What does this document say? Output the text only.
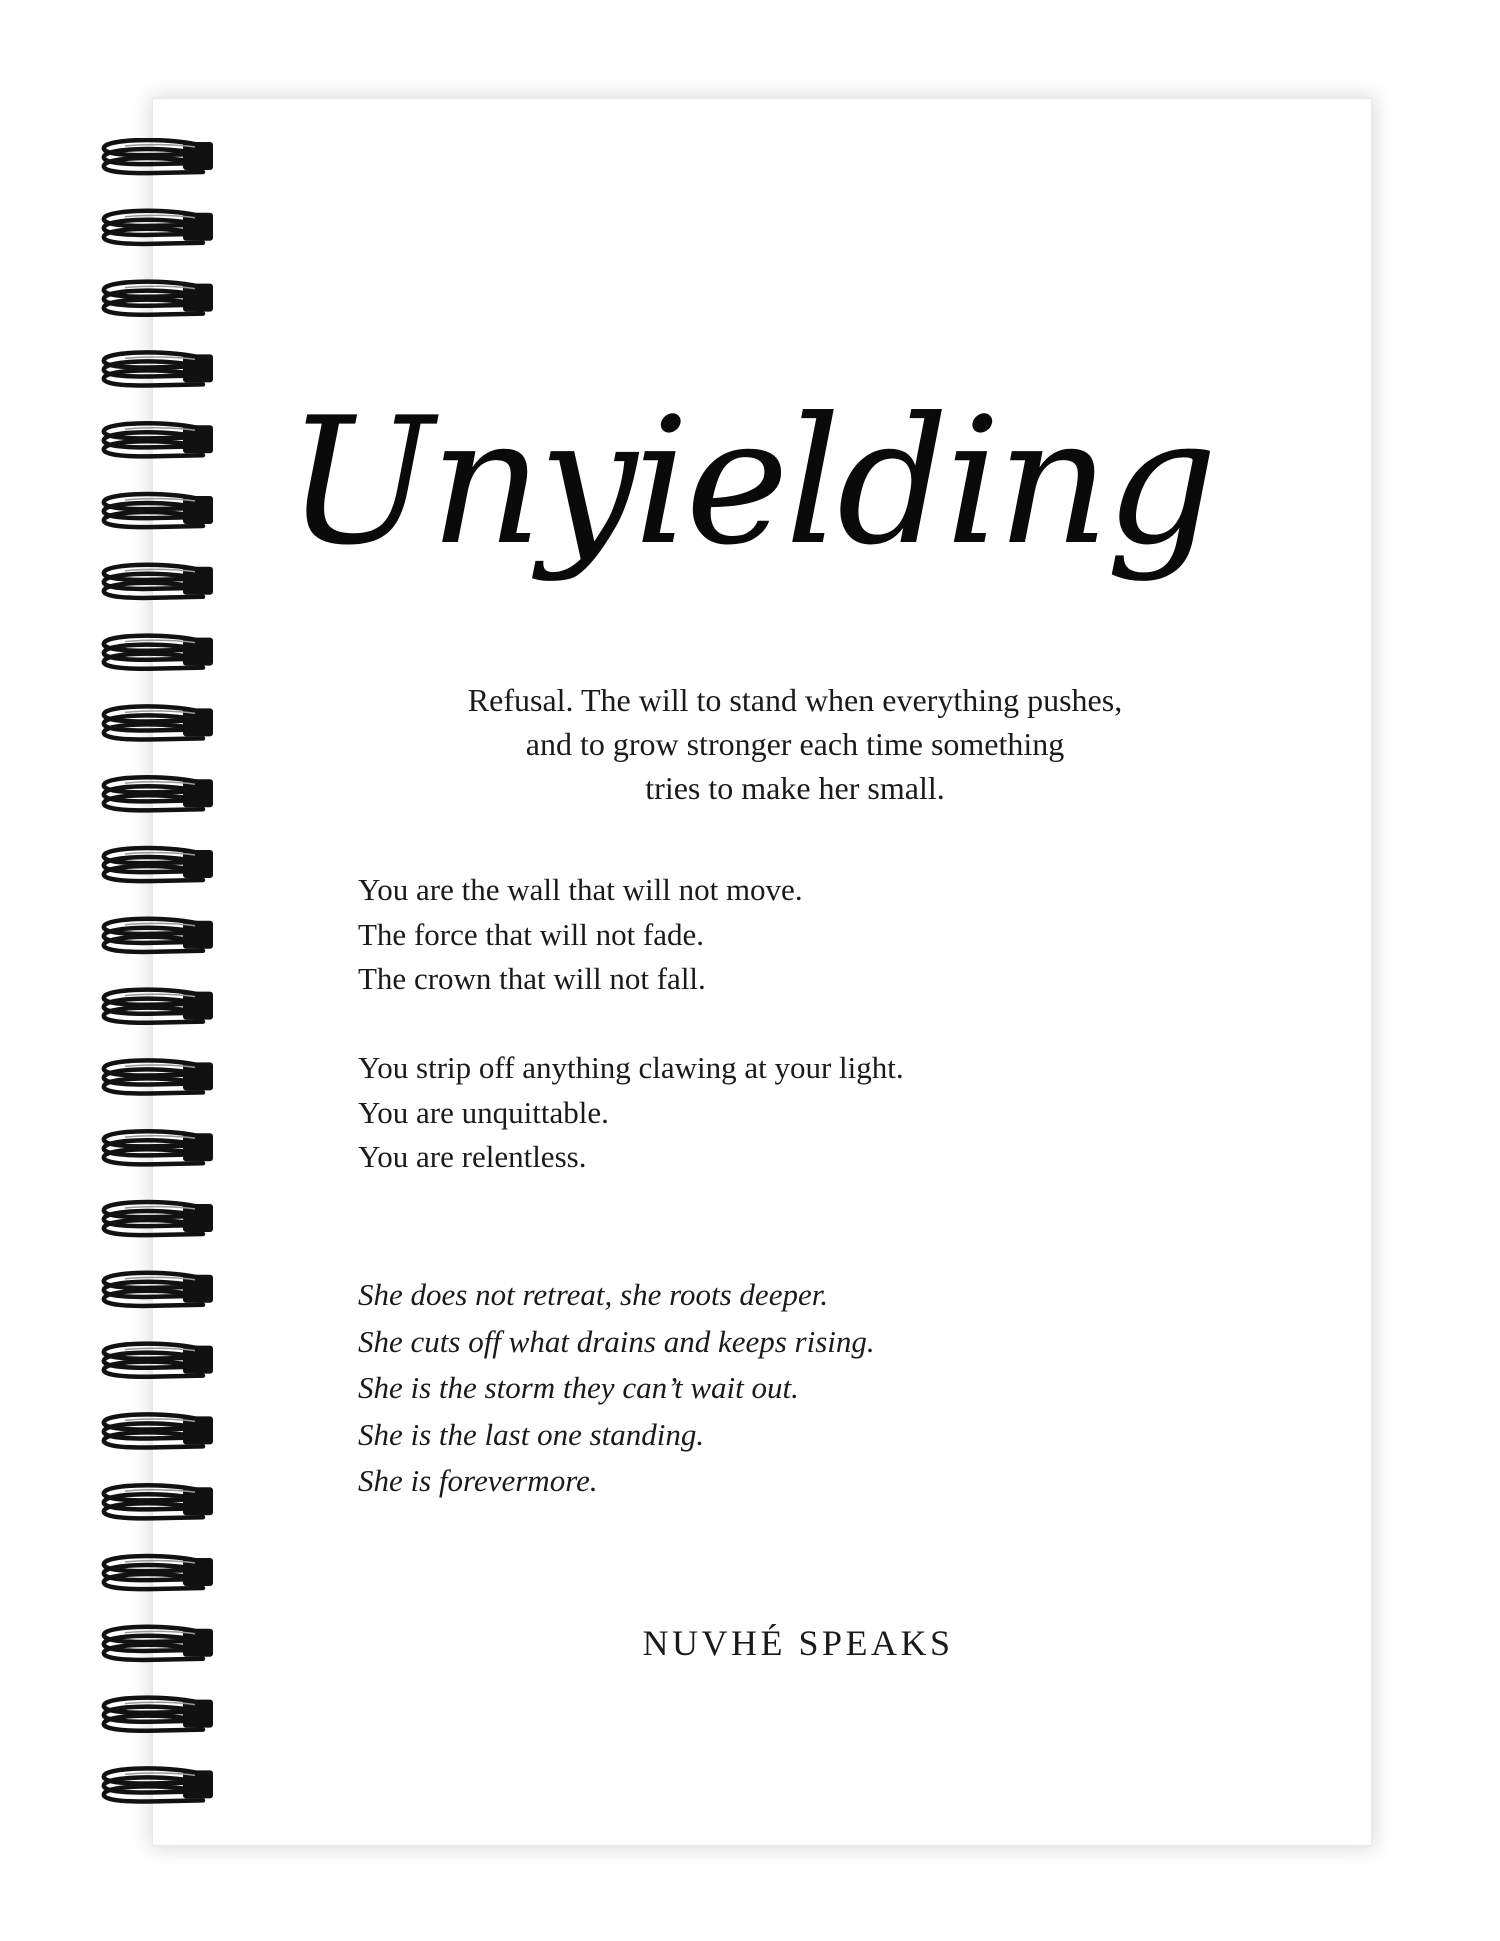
Unyielding
Refusal. The will to stand when everything pushes,
and to grow stronger each time something
tries to make her small.
You are the wall that will not move.
The force that will not fade.
The crown that will not fall.
You strip off anything clawing at your light.
You are unquittable.
You are relentless.
She does not retreat, she roots deeper.
She cuts off what drains and keeps rising.
She is the storm they can’t wait out.
She is the last one standing.
She is forevermore.
NUVHÉ SPEAKS
